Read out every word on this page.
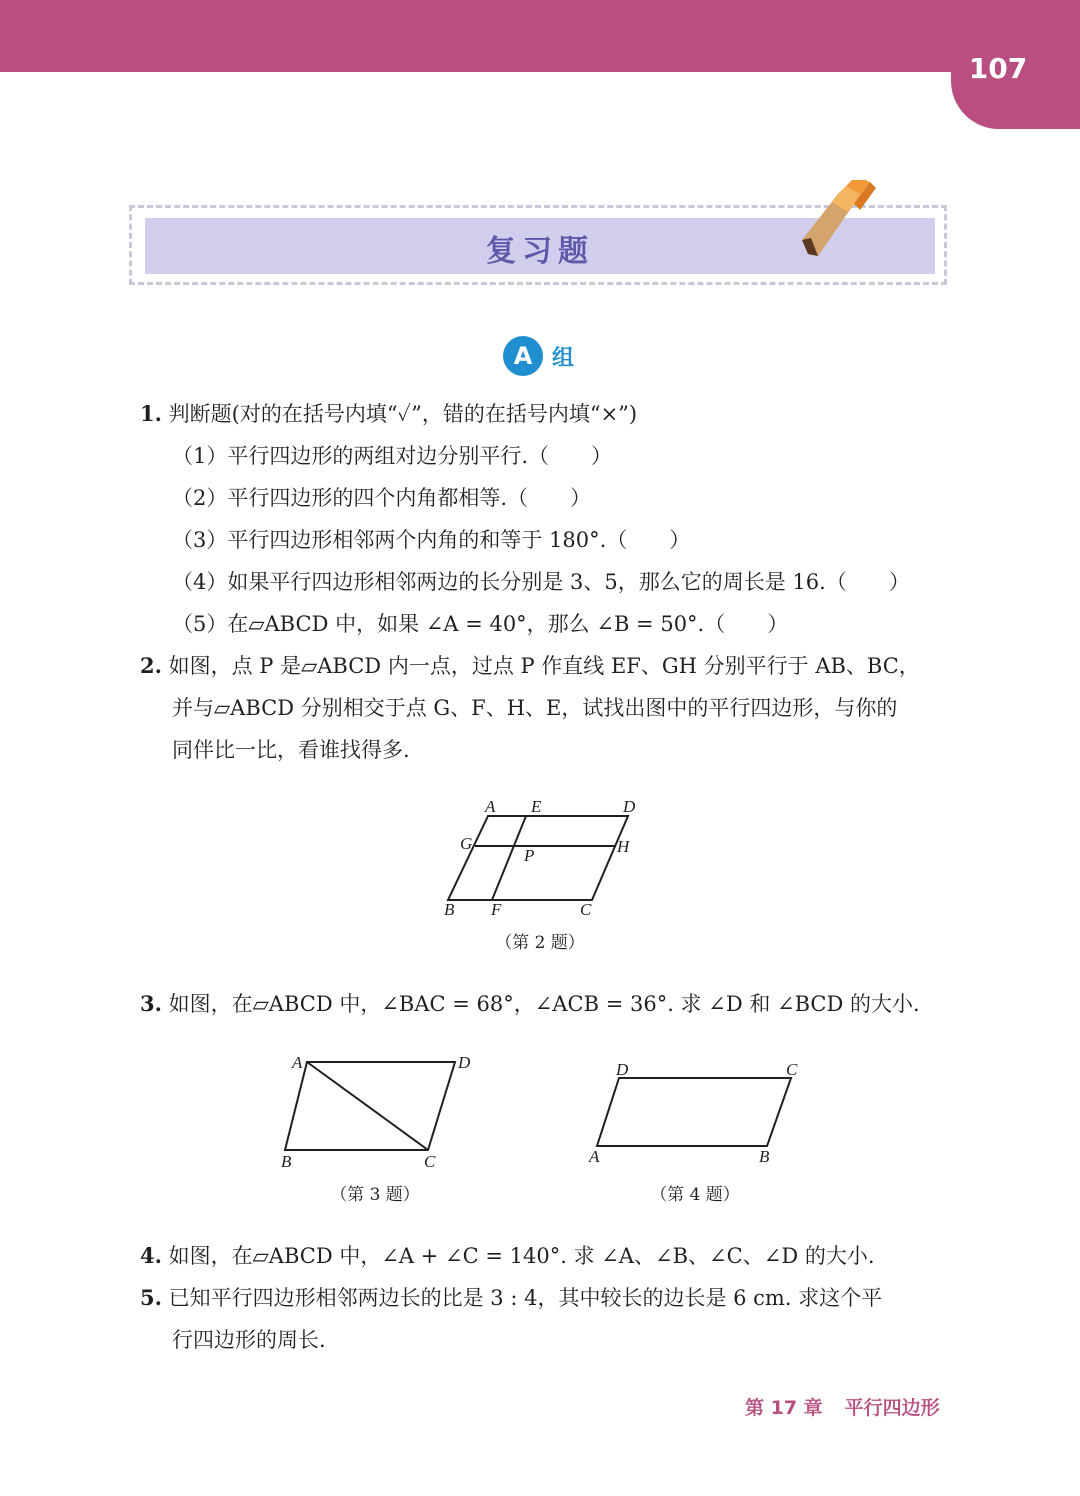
107
复习题
A 组
1. 判断题(对的在括号内填“✓”，错的在括号内填“×”)
（1）平行四边形的两组对边分别平行.（　　）
（2）平行四边形的四个内角都相等.（　　）
（3）平行四边形相邻两个内角的和等于 180°.（　　）
（4）如果平行四边形相邻两边的长分别是 3、5，那么它的周长是 16.（　　）
（5）在▱ABCD 中，如果 ∠A = 40°，那么 ∠B = 50°.（　　）
2. 如图，点 P 是▱ABCD 内一点，过点 P 作直线 EF、GH 分别平行于 AB、BC，
并与▱ABCD 分别相交于点 G、F、H、E，试找出图中的平行四边形，与你的
同伴比一比，看谁找得多.
A E	D
G
P	H
B F	C
（第 2 题）
3. 如图，在▱ABCD 中，∠BAC = 68°，∠ACB = 36°. 求 ∠D 和 ∠BCD 的大小.
A	D
B	C
（第 3 题）
D	C
A	B
（第 4 题）
4. 如图，在▱ABCD 中，∠A + ∠C = 140°. 求 ∠A、∠B、∠C、∠D 的大小.
5. 已知平行四边形相邻两边长的比是 3 : 4，其中较长的边长是 6 cm. 求这个平
行四边形的周长.
第 17 章 平行四边形
